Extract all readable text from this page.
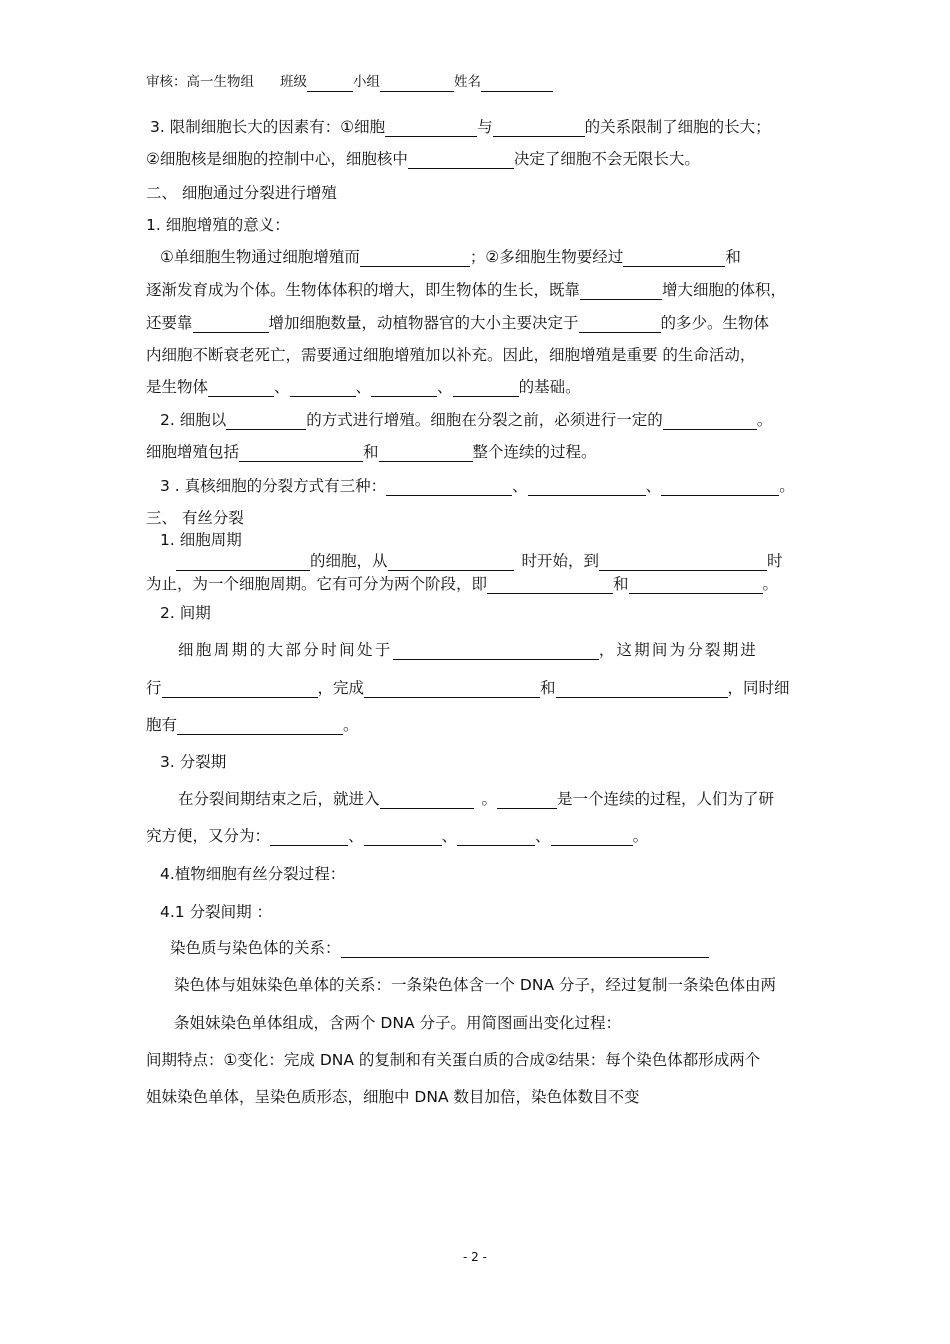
审核：高一生物组 班级	小组	姓名
3. 限制细胞长大的因素有：①细胞	与	的关系限制了细胞的长大；
②细胞核是细胞的控制中心，细胞核中	决定了细胞不会无限长大。
二、 细胞通过分裂进行增殖
1. 细胞增殖的意义：
①单细胞生物通过细胞增殖而	；②多细胞生物要经过	和
逐渐发育成为个体。生物体体积的增大，即生物体的生长，既靠	增大细胞的体积，
还要靠	增加细胞数量，动植物器官的大小主要决定于	的多少。生物体
内细胞不断衰老死亡，需要通过细胞增殖加以补充。因此，细胞增殖是重要 的生命活动，
是生物体	、	、	、	的基础。
2. 细胞以	的方式进行增殖。细胞在分裂之前，必须进行一定的	。
细胞增殖包括	和	整个连续的过程。
3 . 真核细胞的分裂方式有三种：	、	、	。
三、 有丝分裂
1. 细胞周期
的细胞，从	时开始，到	时
为止，为一个细胞周期。它有可分为两个阶段，即	和	。
2. 间期
细胞周期的大部分时间处于	，这期间为分裂期进
行	，完成	和	，同时细
胞有	。
3. 分裂期
在分裂间期结束之后，就进入	。	是一个连续的过程，人们为了研
究方便，又分为：	、	、	、	。
4.植物细胞有丝分裂过程：
4.1 分裂间期 ：
染色质与染色体的关系：
染色体与姐妹染色单体的关系：一条染色体含一个 DNA 分子，经过复制一条染色体由两
条姐妹染色单体组成，含两个 DNA 分子。用简图画出变化过程：
间期特点：①变化：完成 DNA 的复制和有关蛋白质的合成②结果：每个染色体都形成两个
姐妹染色单体，呈染色质形态，细胞中 DNA 数目加倍，染色体数目不变
- 2 -
